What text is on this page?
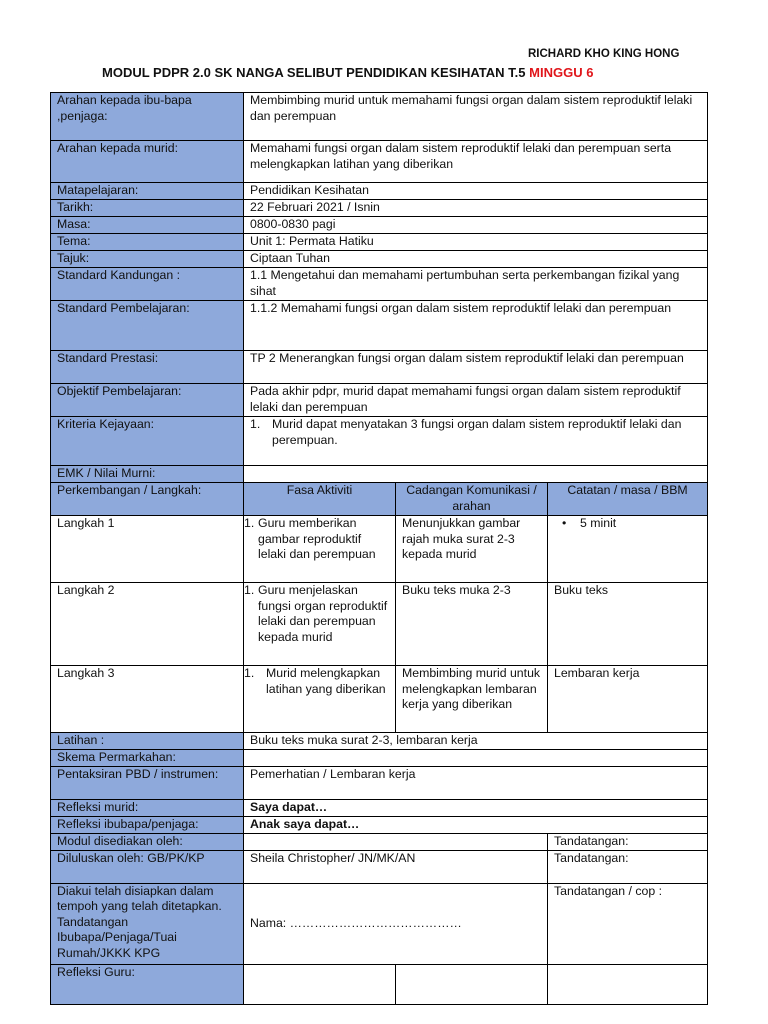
RICHARD KHO KING HONG
MODUL PDPR 2.0 SK NANGA SELIBUT PENDIDIKAN KESIHATAN T.5 MINGGU 6
Arahan kepada ibu-bapa ,penjaga:	Membimbing murid untuk memahami fungsi organ dalam sistem reproduktif lelaki dan perempuan		
Arahan kepada murid:	Memahami fungsi organ dalam sistem reproduktif lelaki dan perempuan serta melengkapkan latihan yang diberikan		
Matapelajaran:	Pendidikan Kesihatan		
Tarikh:	22 Februari 2021 / Isnin		
Masa:	0800-0830 pagi		
Tema:	Unit 1: Permata Hatiku		
Tajuk:	Ciptaan Tuhan		
Standard Kandungan :	1.1 Mengetahui dan memahami pertumbuhan serta perkembangan fizikal yang sihat		
Standard Pembelajaran:	1.1.2 Memahami fungsi organ dalam sistem reproduktif lelaki dan perempuan		
Standard Prestasi:	TP 2 Menerangkan fungsi organ dalam sistem reproduktif lelaki dan perempuan		
Objektif Pembelajaran:	Pada akhir pdpr, murid dapat memahami fungsi organ dalam sistem reproduktif lelaki dan perempuan		
Kriteria Kejayaan:	1. Murid dapat menyatakan 3 fungsi organ dalam sistem reproduktif lelaki dan perempuan.		

EMK / Nilai Murni:			
Perkembangan / Langkah:	Fasa Aktiviti	Cadangan Komunikasi / arahan	Catatan / masa / BBM
Langkah 1	1. Guru memberikan gambar reproduktif lelaki dan perempuan	Menunjukkan gambar rajah muka surat 2-3 kepada murid	• 5 minit

Langkah 2	1. Guru menjelaskan fungsi organ reproduktif lelaki dan perempuan kepada murid	Buku teks muka 2-3	Buku teks
Langkah 3	1. Murid melengkapkan latihan yang diberikan	Membimbing murid untuk melengkapkan lembaran kerja yang diberikan	Lembaran kerja
Latihan :	Buku teks muka surat 2-3, lembaran kerja		
Skema Permarkahan:			
Pentaksiran PBD / instrumen:	Pemerhatian / Lembaran kerja		
Refleksi murid:	Saya dapat…		
Refleksi ibubapa/penjaga:	Anak saya dapat…		
Modul disediakan oleh:			Tandatangan:
Diluluskan oleh: GB/PK/KP	Sheila Christopher/ JN/MK/AN		Tandatangan:
Diakui telah disiapkan dalam tempoh yang telah ditetapkan. Tandatangan Ibubapa/Penjaga/Tuai Rumah/JKKK KPG	Nama: ……………………………………		Tandatangan / cop :
Refleksi Guru:			
